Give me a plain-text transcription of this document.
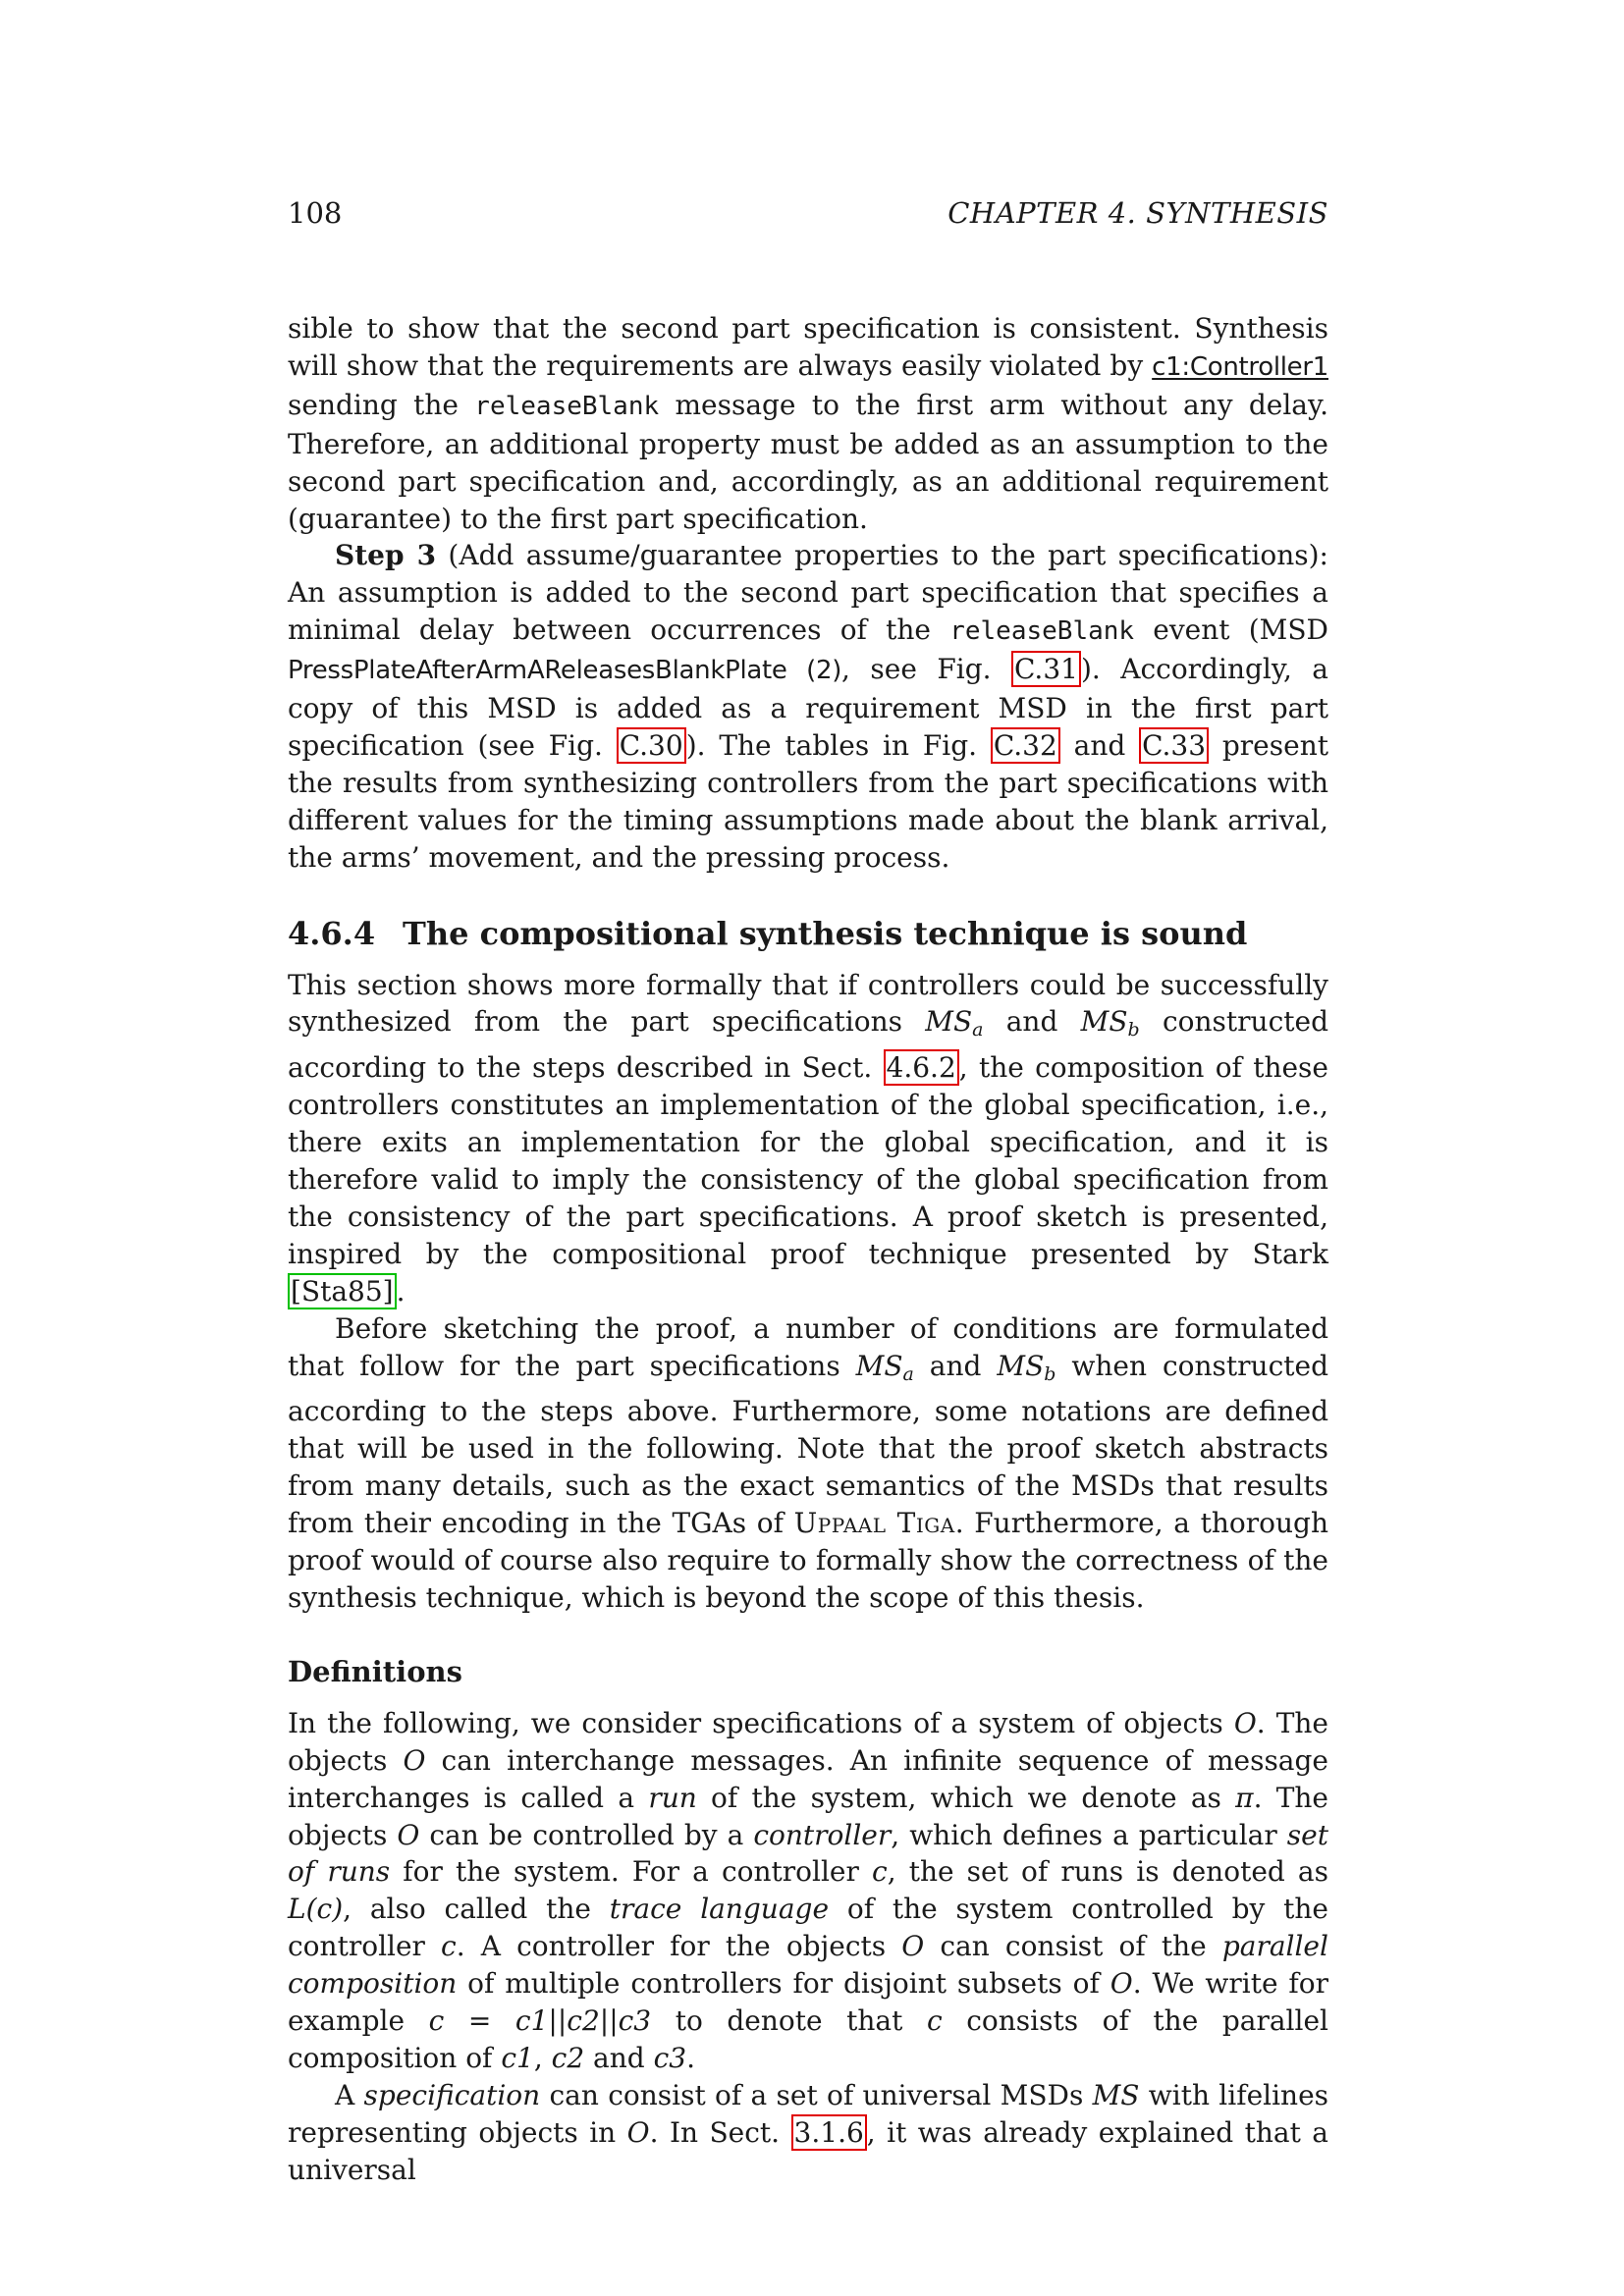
108	CHAPTER 4. SYNTHESIS

sible to show that the second part specification is consistent. Synthesis will show that the requirements are always easily violated by c1:Controller1 sending the releaseBlank message to the first arm without any delay. Therefore, an additional property must be added as an assumption to the second part specification and, accordingly, as an additional requirement (guarantee) to the first part specification.

Step 3 (Add assume/guarantee properties to the part specifications): An assumption is added to the second part specification that specifies a minimal delay between occurrences of the releaseBlank event (MSD PressPlateAfterArmAReleasesBlankPlate (2), see Fig. C.31 ). Accordingly, a copy of this MSD is added as a requirement MSD in the first part specification (see Fig. C.30 ). The tables in Fig. C.32 and C.33 present the results from synthesizing controllers from the part specifications with different values for the timing assumptions made about the blank arrival, the arms’ movement, and the pressing process.

4.6.4 The compositional synthesis technique is sound

This section shows more formally that if controllers could be successfully synthesized from the part specifications $MS_a$ and $MS_b$ constructed according to the steps described in Sect. 4.6.2 , the composition of these controllers constitutes an implementation of the global specification, i.e., there exits an implementation for the global specification, and it is therefore valid to imply the consistency of the global specification from the consistency of the part specifications. A proof sketch is presented, inspired by the compositional proof technique presented by Stark [Sta85] .

Before sketching the proof, a number of conditions are formulated that follow for the part specifications $MS_a$ and $MS_b$ when constructed according to the steps above. Furthermore, some notations are defined that will be used in the following. Note that the proof sketch abstracts from many details, such as the exact semantics of the MSDs that results from their encoding in the TGAs of Uppaal Tiga. Furthermore, a thorough proof would of course also require to formally show the correctness of the synthesis technique, which is beyond the scope of this thesis.

Definitions

In the following, we consider specifications of a system of objects O. The objects O can interchange messages. An infinite sequence of message interchanges is called a run of the system, which we denote as π. The objects O can be controlled by a controller, which defines a particular set of runs for the system. For a controller c, the set of runs is denoted as L(c), also called the trace language of the system controlled by the controller c. A controller for the objects O can consist of the parallel composition of multiple controllers for disjoint subsets of O. We write for example c = c1||c2||c3 to denote that c consists of the parallel composition of c1, c2 and c3.

A specification can consist of a set of universal MSDs MS with lifelines representing objects in O. In Sect. 3.1.6 , it was already explained that a universal
